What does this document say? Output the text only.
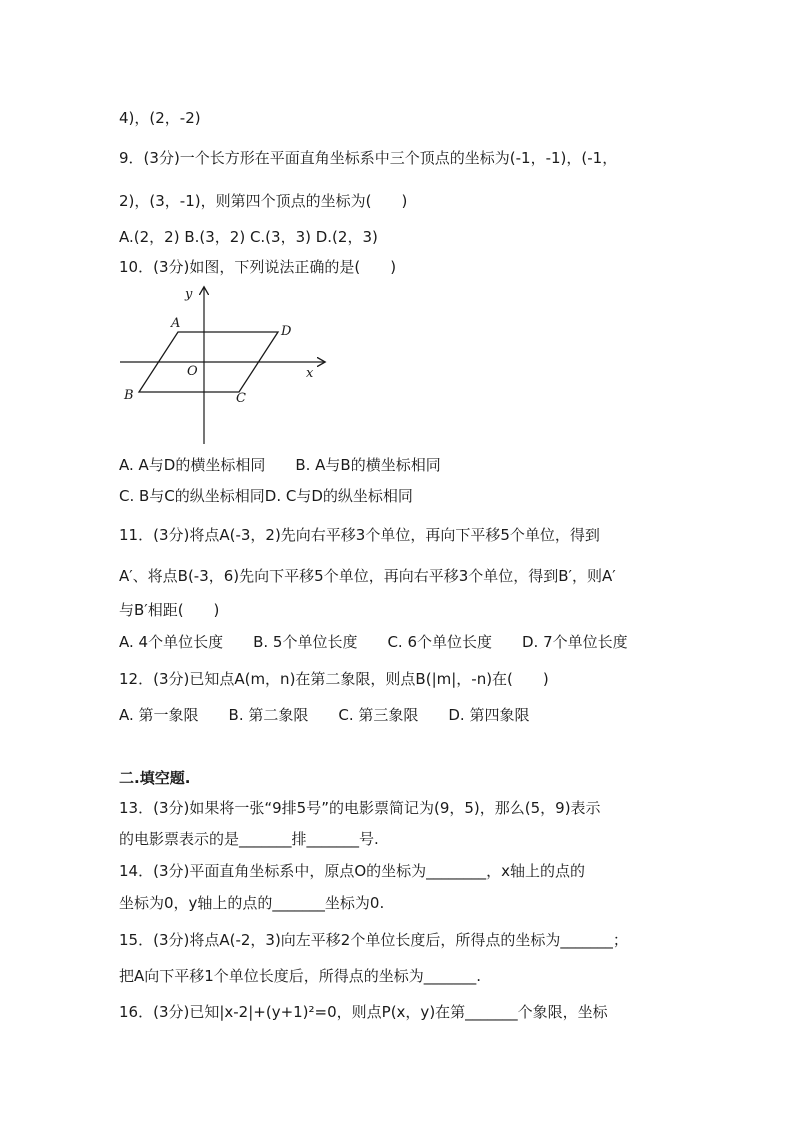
4)，(2，-2)
9．(3分)一个长方形在平面直角坐标系中三个顶点的坐标为(-1，-1)，(-1，
2)，(3，-1)，则第四个顶点的坐标为(　　)
A.(2，2) B.(3，2) C.(3，3) D.(2，3)
10．(3分)如图，下列说法正确的是(　　)
y
x
O
A
D
B	C
A. A与D的横坐标相同　　B. A与B的横坐标相同
C. B与C的纵坐标相同D. C与D的纵坐标相同
11．(3分)将点A(-3，2)先向右平移3个单位，再向下平移5个单位，得到
A′、将点B(-3，6)先向下平移5个单位，再向右平移3个单位，得到B′，则A′
与B′相距(　　)
A. 4个单位长度　　B. 5个单位长度　　C. 6个单位长度　　D. 7个单位长度
12．(3分)已知点A(m，n)在第二象限，则点B(|m|，-n)在(　　)
A. 第一象限　　B. 第二象限　　C. 第三象限　　D. 第四象限
二.填空题.
13．(3分)如果将一张“9排5号”的电影票简记为(9，5)，那么(5，9)表示
的电影票表示的是_______排_______号.
14．(3分)平面直角坐标系中，原点O的坐标为________，x轴上的点的
坐标为0，y轴上的点的_______坐标为0.
15．(3分)将点A(-2，3)向左平移2个单位长度后，所得点的坐标为_______；
把A向下平移1个单位长度后，所得点的坐标为_______.
16．(3分)已知|x-2|+(y+1)²=0，则点P(x，y)在第_______个象限，坐标
